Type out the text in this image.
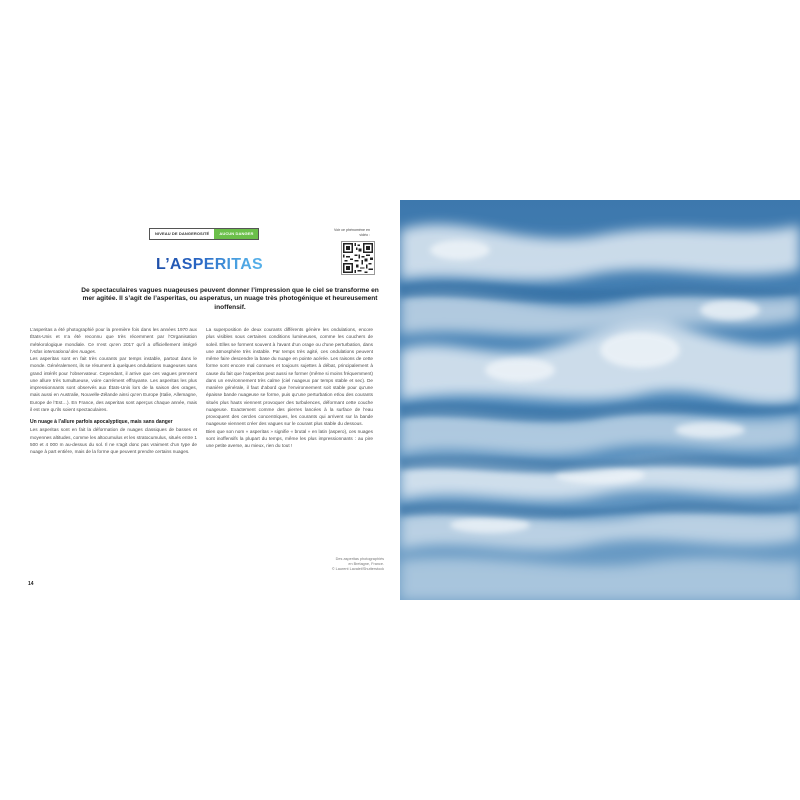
NIVEAU DE DANGEROSITÉ	AUCUN DANGER
Voir ce phénomène en vidéo :
L’ASPERITAS
De spectaculaires vagues nuageuses peuvent donner l’impression que le ciel se transforme en mer agitée. Il s’agit de l’asperitas, ou asperatus, un nuage très photogénique et heureusement inoffensif.

L’asperitas a été photographié pour la première fois dans les années 1970 aux États-Unis et n’a été reconnu que très récemment par l’Organisation météorologique mondiale. Ce n’est qu’en 2017 qu’il a officiellement intégré l’Atlas international des nuages.

Les asperitas sont en fait très courants par temps instable, partout dans le monde. Généralement, ils se résument à quelques ondulations nuageuses sans grand intérêt pour l’observateur. Cependant, il arrive que ces vagues prennent une allure très tumultueuse, voire carrément effrayante. Les asperitas les plus impressionnants sont observés aux États-Unis lors de la saison des orages, mais aussi en Australie, Nouvelle-Zélande ainsi qu’en Europe (Italie, Allemagne, Europe de l’Est…). En France, des asperitas sont aperçus chaque année, mais il est rare qu’ils soient spectaculaires.

Un nuage à l’allure parfois apocalyptique, mais sans danger

Les asperitas sont en fait la déformation de nuages classiques de basses et moyennes altitudes, comme les altocumulus et les stratocumulus, situés entre 1 500 et 4 000 m au-dessus du sol. Il ne s’agit donc pas vraiment d’un type de nuage à part entière, mais de la forme que peuvent prendre certains nuages.

La superposition de deux courants différents génère les ondulations, encore plus visibles sous certaines conditions lumineuses, comme les couchers de soleil. Elles se forment souvent à l’avant d’un orage ou d’une perturbation, dans une atmosphère très instable. Par temps très agité, ces ondulations peuvent même faire descendre la base du nuage en pointe acérée. Les raisons de cette forme sont encore mal connues et toujours sujettes à débat, principalement à cause du fait que l’asperitas peut aussi se former (même si moins fréquemment) dans un environnement très calme (ciel nuageux par temps stable et sec). De manière générale, il faut d’abord que l’environnement soit stable pour qu’une épaisse bande nuageuse se forme, puis qu’une perturbation et/ou des courants situés plus hauts viennent provoquer des turbulences, déformant cette couche nuageuse. Exactement comme des pierres lancées à la surface de l’eau provoquent des cercles concentriques, les courants qui arrivent sur la bande nuageuse viennent créer des vagues sur le courant plus stable du dessous.

Bien que son nom « asperitas » signifie « brutal » en latin (aspero), ces nuages sont inoffensifs la plupart du temps, même les plus impressionnants : au pire une petite averse, au mieux, rien du tout !

Des asperitas photographiés
en Bretagne, France.
© Laurent Lavalet/Shutterstock
14
